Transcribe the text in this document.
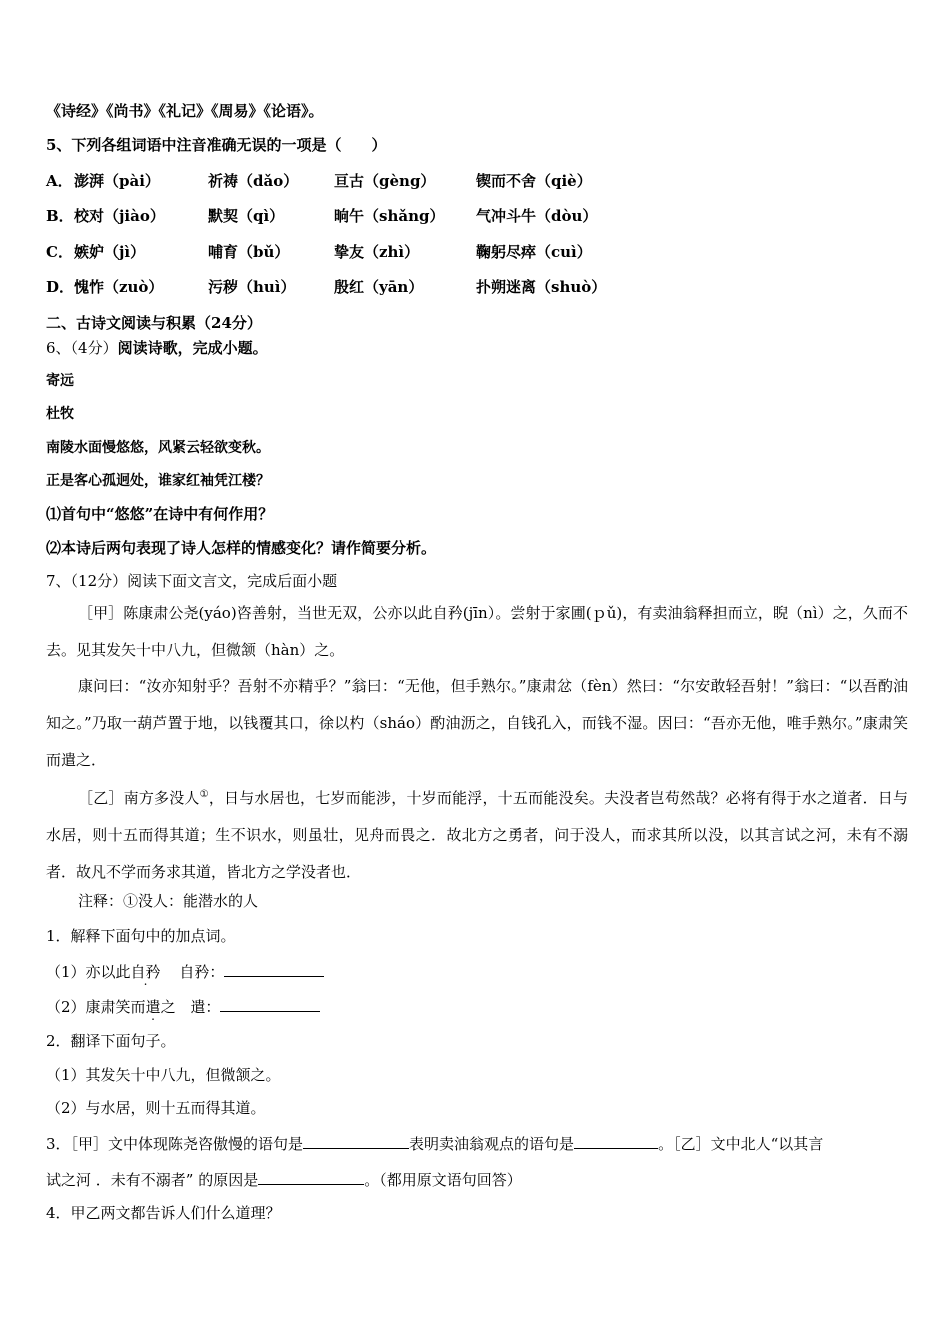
《诗经》《尚书》《礼记》《周易》《论语》。
5、下列各组词语中注音准确无误的一项是（　　）
A． 澎湃（pài）	祈祷（dǎo） 亘古（gèng）	锲而不舍（qiè）
B． 校对（jiào）	默契（qì）	晌午（shǎng） 气冲斗牛（dòu）
C． 嫉妒（jì）	哺育（bǔ）	挚友（zhì）	鞠躬尽瘁（cuì）
D． 愧怍（zuò）	污秽（huì）	殷红（yān）	扑朔迷离（shuò）
二、古诗文阅读与积累（24分）
6、（4分）阅读诗歌，完成小题。
寄远
杜牧
南陵水面慢悠悠，风紧云轻欲变秋。
正是客心孤迥处，谁家红袖凭江楼？
⑴首句中“悠悠”在诗中有何作用？
⑵本诗后两句表现了诗人怎样的情感变化？请作简要分析。
7、（12分）阅读下面文言文，完成后面小题
［甲］陈康肃公尧(yáo)咨善射，当世无双，公亦以此自矜(jīn）。尝射于家圃(ｐǔ)，有卖油翁释担而立，睨（nì）之，久而不去。见其发矢十中八九，但微颔（hàn）之。
康问曰：“汝亦知射乎？吾射不亦精乎？”翁曰：“无他，但手熟尔。”康肃忿（fèn）然曰：“尔安敢轻吾射！”翁曰：“以吾酌油知之。”乃取一葫芦置于地，以钱覆其口，徐以杓（sháo）酌油沥之，自钱孔入，而钱不湿。因曰：“吾亦无他，唯手熟尔。”康肃笑而遣之．
［乙］南方多没人①，日与水居也，七岁而能涉，十岁而能浮，十五而能没矣。夫没者岂苟然哉？必将有得于水之道者．日与水居，则十五而得其道；生不识水，则虽壮，见舟而畏之．故北方之勇者，问于没人，而求其所以没，以其言试之河，未有不溺者．故凡不学而务求其道，皆北方之学没者也．
注释：①没人：能潜水的人
1．解释下面句中的加点词。
（1）亦以此自矜 自矜：
（2）康肃笑而遣之 遣：
2．翻译下面句子。
（1）其发矢十中八九，但微颔之。
（2）与水居，则十五而得其道。
3．［甲］文中体现陈尧咨傲慢的语句是	表明卖油翁观点的语句是	。［乙］文中北人“以其言
试之河 ．未有不溺者” 的原因是	。（都用原文语句回答）
4．甲乙两文都告诉人们什么道理？
